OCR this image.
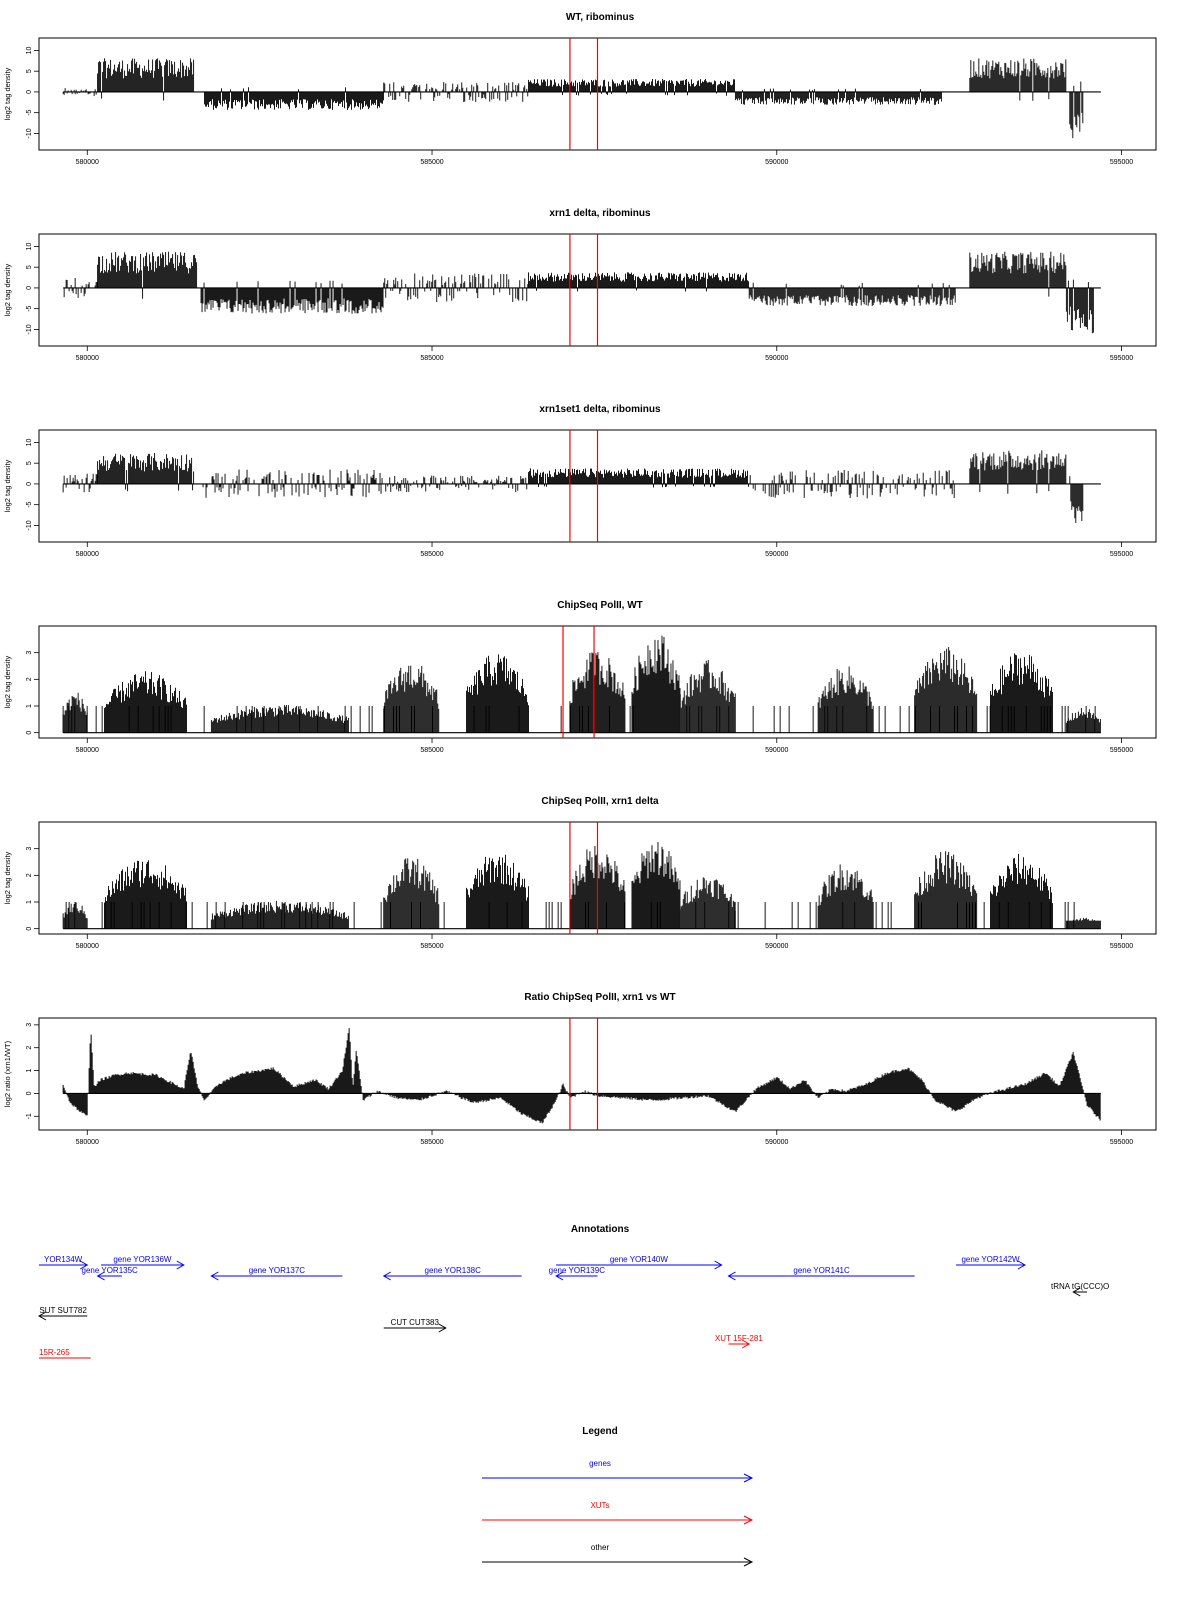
WT, ribominus
log2 tag density
-10
-5
0
5
10
580000	585000	590000	595000
xrn1 delta, ribominus
log2 tag density
-10
-5
0
5
10
580000	585000	590000	595000
xrn1set1 delta, ribominus
log2 tag density
-10
-5
0
5
10
580000	585000	590000	595000
ChipSeq PolII, WT
log2 tag density
0
1
2
3
580000	585000	590000	595000
ChipSeq PolII, xrn1 delta
log2 tag density
0
1
2
3
580000	585000	590000	595000
Ratio ChipSeq PolII, xrn1 vs WT
log2 ratio (xrn1/WT)
-1
0
1
2
3
580000	585000	590000	595000
Annotations
YOR134W	gene YOR136W
gene YOR135C	gene YOR137C	gene YOR138C	gene YOR139C
gene YOR140W
gene YOR141C
gene YOR142W
tRNA tG(CCC)O
SUT SUT782
CUT CUT383
XUT 15F-281
15R-265
Legend
genes
XUTs
other
